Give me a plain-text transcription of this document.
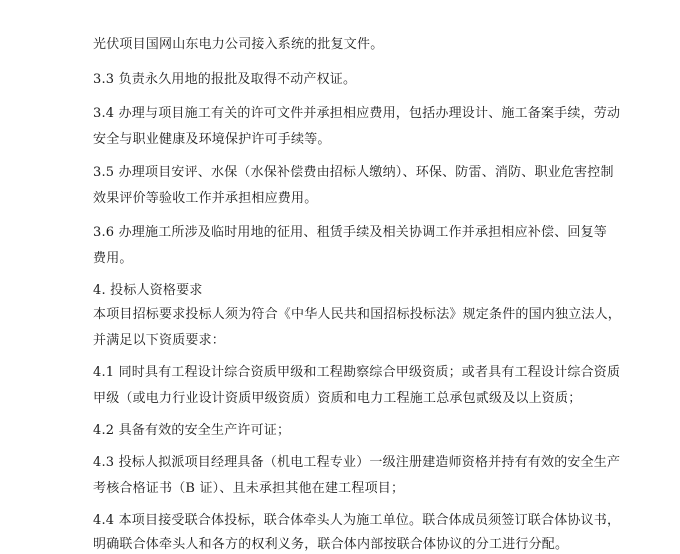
光伏项目国网山东电力公司接入系统的批复文件。
3.3 负责永久用地的报批及取得不动产权证。
3.4 办理与项目施工有关的许可文件并承担相应费用，包括办理设计、施工备案手续，劳动
安全与职业健康及环境保护许可手续等。
3.5 办理项目安评、水保（水保补偿费由招标人缴纳）、环保、防雷、消防、职业危害控制
效果评价等验收工作并承担相应费用。
3.6 办理施工所涉及临时用地的征用、租赁手续及相关协调工作并承担相应补偿、回复等
费用。
4. 投标人资格要求
本项目招标要求投标人须为符合《中华人民共和国招标投标法》规定条件的国内独立法人，
并满足以下资质要求：
4.1 同时具有工程设计综合资质甲级和工程勘察综合甲级资质；或者具有工程设计综合资质
甲级（或电力行业设计资质甲级资质）资质和电力工程施工总承包贰级及以上资质；
4.2 具备有效的安全生产许可证；
4.3 投标人拟派项目经理具备（机电工程专业）一级注册建造师资格并持有有效的安全生产
考核合格证书（B 证）、且未承担其他在建工程项目；
4.4 本项目接受联合体投标，联合体牵头人为施工单位。联合体成员须签订联合体协议书，
明确联合体牵头人和各方的权利义务，联合体内部按联合体协议的分工进行分配。
